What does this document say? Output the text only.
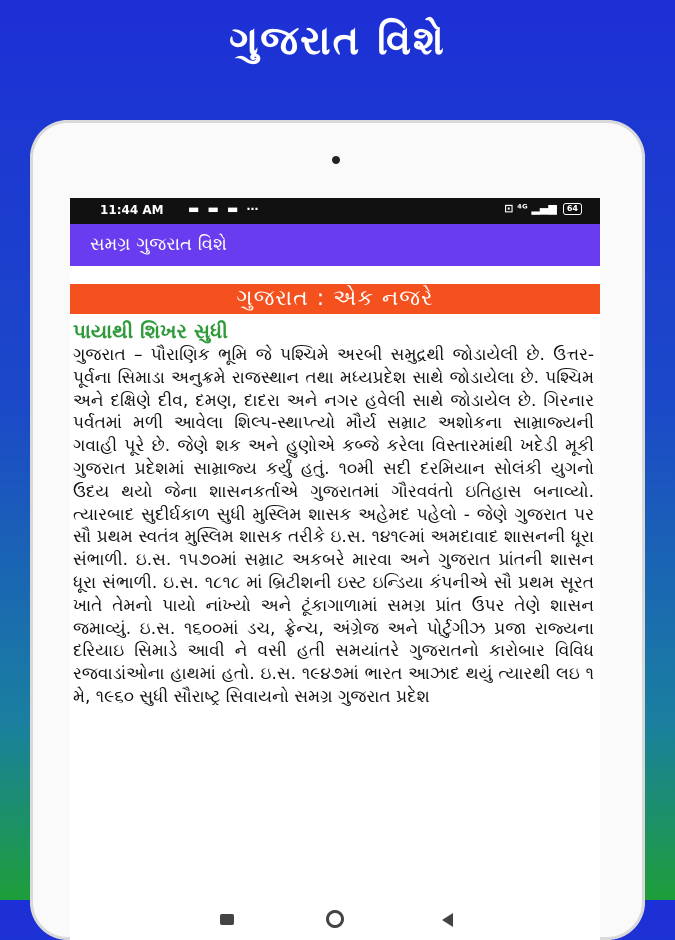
ગુજરાત વિશે
11:44 AM ▬ ▬ ▬ ⋯	⊡ ⁴ᴳ ▂▄▆	64
સમગ્ર ગુજરાત વિશે
ગુજરાત : એક નજરે

પાયાથી શિખર સુધી

ગુજરાત – પૌરાણિક ભૂમિ જે પશ્ચિમે અરબી સમુદ્રથી જોડાયેલી છે. ઉત્તર-પૂર્વના સિમાડા અનુક્રમે રાજસ્થાન તથા મધ્યપ્રદેશ સાથે જોડાયેલા છે. પશ્ચિમ અને દક્ષિણે દીવ, દમણ, દાદરા અને નગર હવેલી સાથે જોડાયેલ છે. ગિરનાર પર્વતમાં મળી આવેલા શિલ્પ-સ્થાપ્ત્યો મૌર્ય સમ્રાટ અશોકના સામ્રાજ્યની ગવાહી પૂરે છે. જેણે શક અને હુણોએ કબ્જે કરેલા વિસ્તારમાંથી ખદેડી મૂકી ગુજરાત પ્રદેશમાં સામ્રાજ્ય કર્યું હતું. ૧૦મી સદી દરમિયાન સોલંકી યુગનો ઉદય થયો જેના શાસનકર્તાએ ગુજરાતમાં ગૌરવવંતો ઇતિહાસ બનાવ્યો. ત્યારબાદ સુદીર્ઘકાળ સુધી મુસ્લિમ શાસક અહેમદ પહેલો - જેણે ગુજરાત પર સૌ પ્રથમ સ્વતંત્ર મુસ્લિમ શાસક તરીકે ઇ.સ. ૧૪૧૯માં અમદાવાદ શાસનની ધૂરા સંભાળી. ઇ.સ. ૧૫૭૦માં સમ્રાટ અકબરે મારવા અને ગુજરાત પ્રાંતની શાસન ધૂરા સંભાળી. ઇ.સ. ૧૮૧૮ માં બ્રિટીશની ઇસ્ટ ઇન્ડિયા કંપનીએ સૌ પ્રથમ સૂરત ખાતે તેમનો પાયો નાંખ્યો અને ટૂંકાગાળામાં સમગ્ર પ્રાંત ઉપર તેણે શાસન જમાવ્યું. ઇ.સ. ૧૬૦૦માં ડચ, ફ્રેન્ચ, અંગ્રેજ અને પોર્ટુગીઝ પ્રજા રાજ્યના દરિયાઇ સિમાડે આવી ને વસી હતી સમયાંતરે ગુજરાતનો કારોબાર વિવિધ રજવાડાંઓના હાથમાં હતો. ઇ.સ. ૧૯૪૭માં ભારત આઝાદ થયું ત્યારથી લઇ ૧ મે, ૧૯૬૦ સુધી સૌરાષ્ટ્ર સિવાયનો સમગ્ર ગુજરાત પ્રદેશ
